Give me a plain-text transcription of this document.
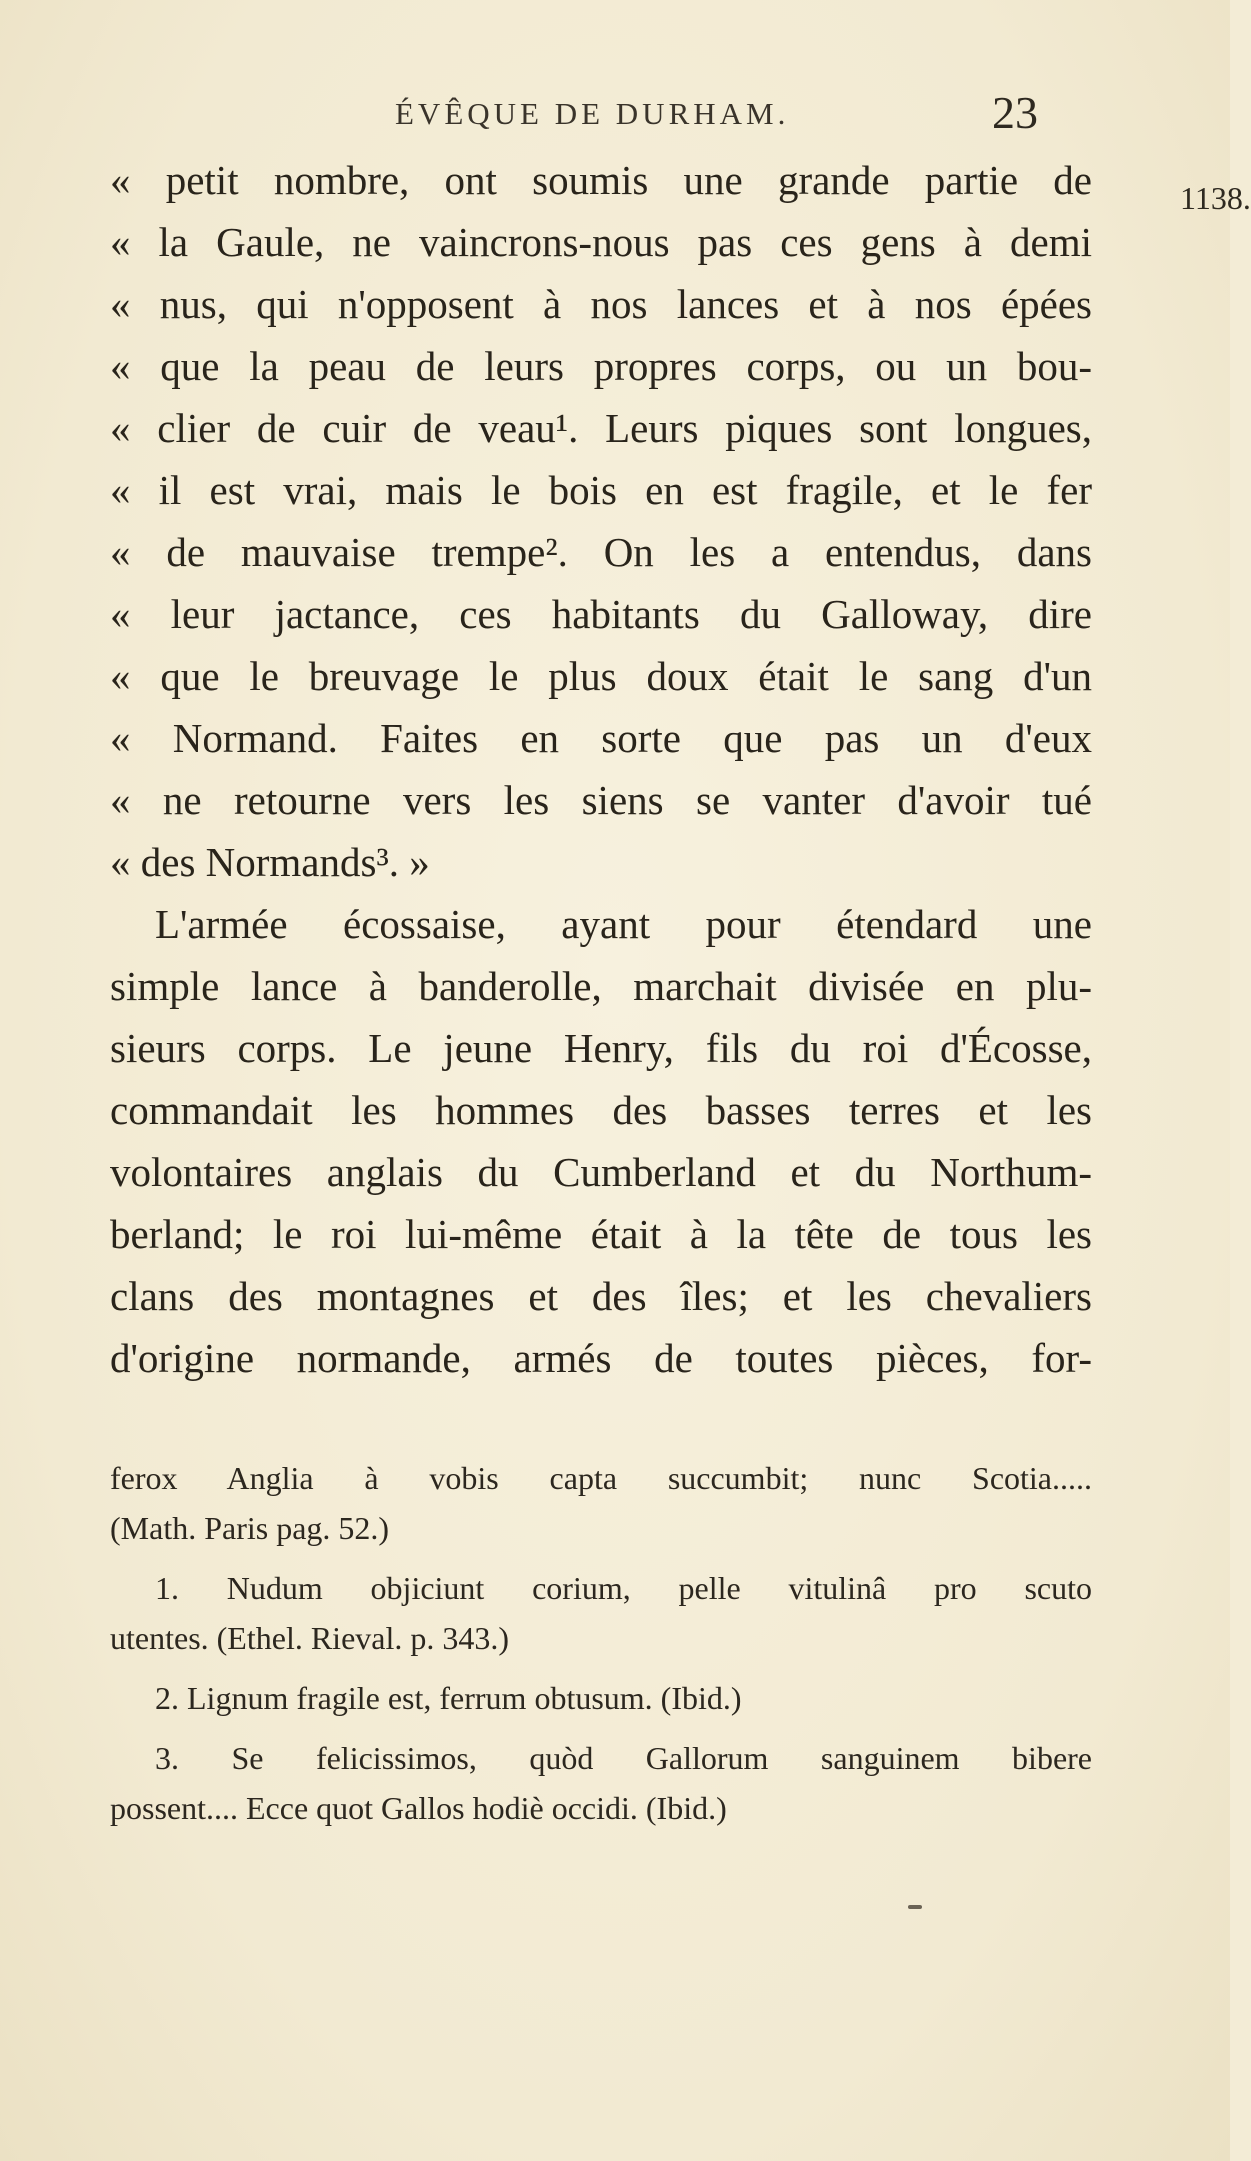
ÉVÊQUE DE DURHAM.	23
1138.
« petit nombre, ont soumis une grande partie de
« la Gaule, ne vaincrons-nous pas ces gens à demi
« nus, qui n'opposent à nos lances et à nos épées
« que la peau de leurs propres corps, ou un bou-
« clier de cuir de veau¹. Leurs piques sont longues,
« il est vrai, mais le bois en est fragile, et le fer
« de mauvaise trempe². On les a entendus, dans
« leur jactance, ces habitants du Galloway, dire
« que le breuvage le plus doux était le sang d'un
« Normand. Faites en sorte que pas un d'eux
« ne retourne vers les siens se vanter d'avoir tué
« des Normands³. »
L'armée écossaise, ayant pour étendard une
simple lance à banderolle, marchait divisée en plu-
sieurs corps. Le jeune Henry, fils du roi d'Écosse,
commandait les hommes des basses terres et les
volontaires anglais du Cumberland et du Northum-
berland; le roi lui-même était à la tête de tous les
clans des montagnes et des îles; et les chevaliers
d'origine normande, armés de toutes pièces, for-
ferox Anglia à vobis capta succumbit; nunc Scotia.....
(Math. Paris pag. 52.)
1. Nudum objiciunt corium, pelle vitulinâ pro scuto
utentes. (Ethel. Rieval. p. 343.)
2. Lignum fragile est, ferrum obtusum. (Ibid.)
3. Se felicissimos, quòd Gallorum sanguinem bibere
possent.... Ecce quot Gallos hodiè occidi. (Ibid.)
